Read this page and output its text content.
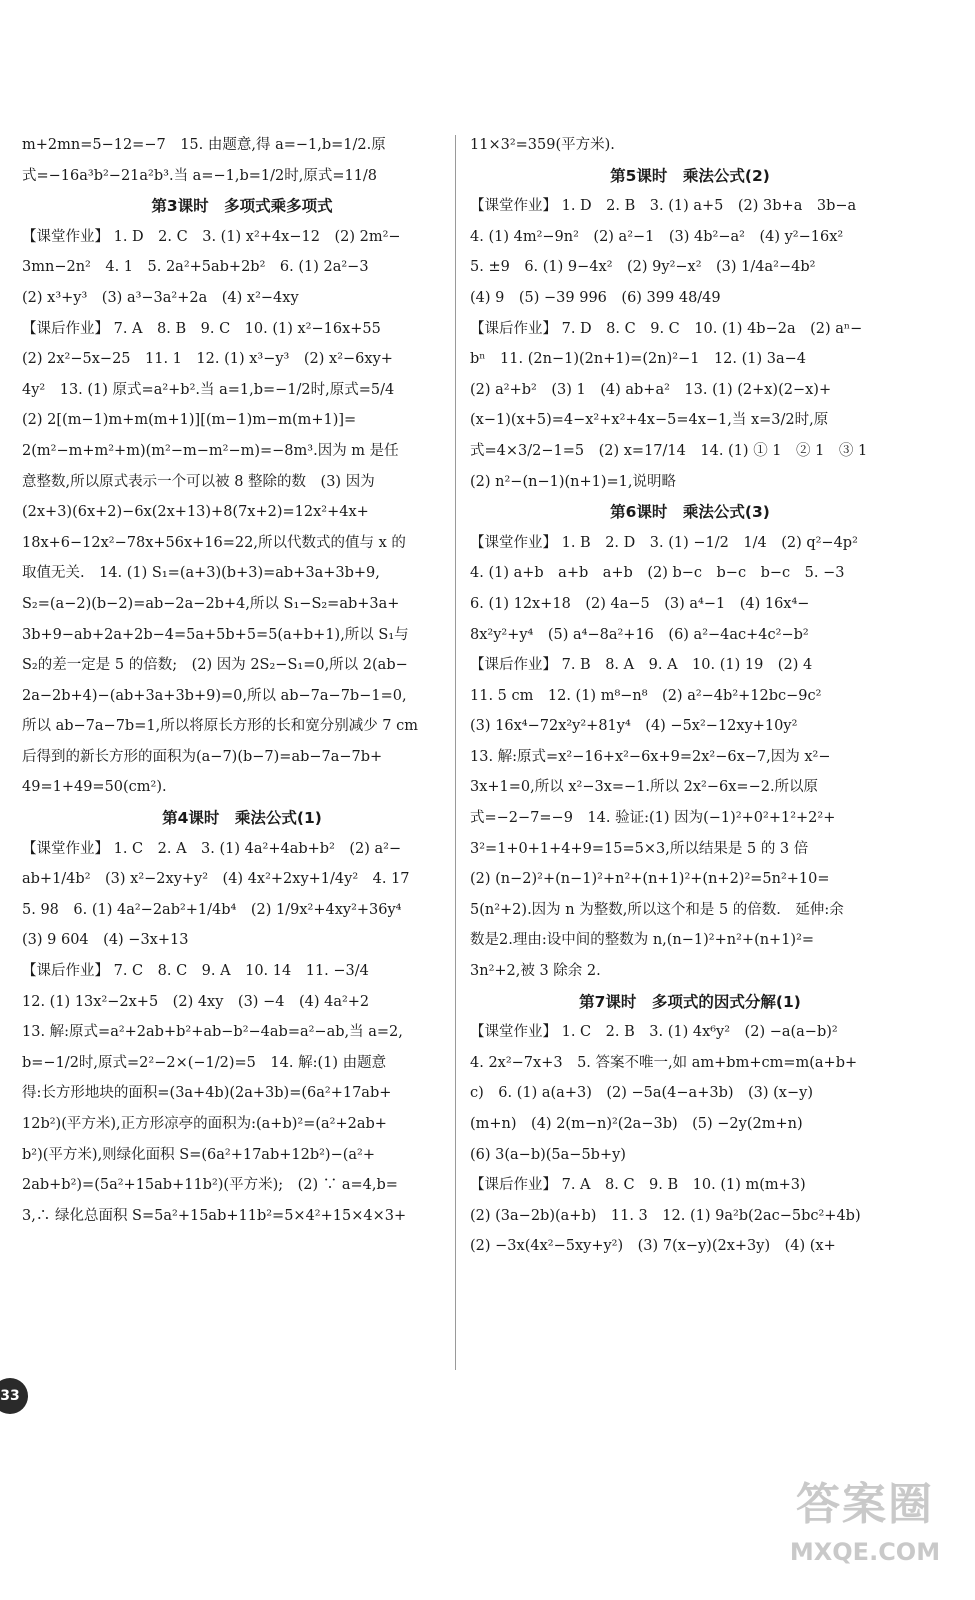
m+2mn=5−12=−7　15. 由题意,得 a=−1,b=1/2.原
式=−16a³b²−21a²b³.当 a=−1,b=1/2时,原式=11/8
第3课时　多项式乘多项式
【课堂作业】 1. D　2. C　3. (1) x²+4x−12　(2) 2m²−
3mn−2n²　4. 1　5. 2a²+5ab+2b²　6. (1) 2a²−3
(2) x³+y³　(3) a³−3a²+2a　(4) x²−4xy
【课后作业】 7. A　8. B　9. C　10. (1) x²−16x+55
(2) 2x²−5x−25　11. 1　12. (1) x³−y³　(2) x²−6xy+
4y²　13. (1) 原式=a²+b².当 a=1,b=−1/2时,原式=5/4
(2) 2[(m−1)m+m(m+1)][(m−1)m−m(m+1)]=
2(m²−m+m²+m)(m²−m−m²−m)=−8m³.因为 m 是任
意整数,所以原式表示一个可以被 8 整除的数　(3) 因为
(2x+3)(6x+2)−6x(2x+13)+8(7x+2)=12x²+4x+
18x+6−12x²−78x+56x+16=22,所以代数式的值与 x 的
取值无关.　14. (1) S₁=(a+3)(b+3)=ab+3a+3b+9,
S₂=(a−2)(b−2)=ab−2a−2b+4,所以 S₁−S₂=ab+3a+
3b+9−ab+2a+2b−4=5a+5b+5=5(a+b+1),所以 S₁与
S₂的差一定是 5 的倍数;　(2) 因为 2S₂−S₁=0,所以 2(ab−
2a−2b+4)−(ab+3a+3b+9)=0,所以 ab−7a−7b−1=0,
所以 ab−7a−7b=1,所以将原长方形的长和宽分别减少 7 cm
后得到的新长方形的面积为(a−7)(b−7)=ab−7a−7b+
49=1+49=50(cm²).
第4课时　乘法公式(1)
【课堂作业】 1. C　2. A　3. (1) 4a²+4ab+b²　(2) a²−
ab+1/4b²　(3) x²−2xy+y²　(4) 4x²+2xy+1/4y²　4. 17
5. 98　6. (1) 4a²−2ab²+1/4b⁴　(2) 1/9x²+4xy²+36y⁴
(3) 9 604　(4) −3x+13
【课后作业】 7. C　8. C　9. A　10. 14　11. −3/4
12. (1) 13x²−2x+5　(2) 4xy　(3) −4　(4) 4a²+2
13. 解:原式=a²+2ab+b²+ab−b²−4ab=a²−ab,当 a=2,
b=−1/2时,原式=2²−2×(−1/2)=5　14. 解:(1) 由题意
得:长方形地块的面积=(3a+4b)(2a+3b)=(6a²+17ab+
12b²)(平方米),正方形凉亭的面积为:(a+b)²=(a²+2ab+
b²)(平方米),则绿化面积 S=(6a²+17ab+12b²)−(a²+
2ab+b²)=(5a²+15ab+11b²)(平方米);　(2) ∵ a=4,b=
3,∴ 绿化总面积 S=5a²+15ab+11b²=5×4²+15×4×3+
11×3²=359(平方米).
第5课时　乘法公式(2)
【课堂作业】 1. D　2. B　3. (1) a+5　(2) 3b+a　3b−a
4. (1) 4m²−9n²　(2) a²−1　(3) 4b²−a²　(4) y²−16x²
5. ±9　6. (1) 9−4x²　(2) 9y²−x²　(3) 1/4a²−4b²
(4) 9　(5) −39 996　(6) 399 48/49
【课后作业】 7. D　8. C　9. C　10. (1) 4b−2a　(2) aⁿ−
bⁿ　11. (2n−1)(2n+1)=(2n)²−1　12. (1) 3a−4
(2) a²+b²　(3) 1　(4) ab+a²　13. (1) (2+x)(2−x)+
(x−1)(x+5)=4−x²+x²+4x−5=4x−1,当 x=3/2时,原
式=4×3/2−1=5　(2) x=17/14　14. (1) ① 1　② 1　③ 1
(2) n²−(n−1)(n+1)=1,说明略
第6课时　乘法公式(3)
【课堂作业】 1. B　2. D　3. (1) −1/2　1/4　(2) q²−4p²
4. (1) a+b　a+b　a+b　(2) b−c　b−c　b−c　5. −3
6. (1) 12x+18　(2) 4a−5　(3) a⁴−1　(4) 16x⁴−
8x²y²+y⁴　(5) a⁴−8a²+16　(6) a²−4ac+4c²−b²
【课后作业】 7. B　8. A　9. A　10. (1) 19　(2) 4
11. 5 cm　12. (1) m⁸−n⁸　(2) a²−4b²+12bc−9c²
(3) 16x⁴−72x²y²+81y⁴　(4) −5x²−12xy+10y²
13. 解:原式=x²−16+x²−6x+9=2x²−6x−7,因为 x²−
3x+1=0,所以 x²−3x=−1.所以 2x²−6x=−2.所以原
式=−2−7=−9　14. 验证:(1) 因为(−1)²+0²+1²+2²+
3²=1+0+1+4+9=15=5×3,所以结果是 5 的 3 倍
(2) (n−2)²+(n−1)²+n²+(n+1)²+(n+2)²=5n²+10=
5(n²+2).因为 n 为整数,所以这个和是 5 的倍数.　延伸:余
数是2.理由:设中间的整数为 n,(n−1)²+n²+(n+1)²=
3n²+2,被 3 除余 2.
第7课时　多项式的因式分解(1)
【课堂作业】 1. C　2. B　3. (1) 4x⁶y²　(2) −a(a−b)²
4. 2x²−7x+3　5. 答案不唯一,如 am+bm+cm=m(a+b+
c)　6. (1) a(a+3)　(2) −5a(4−a+3b)　(3) (x−y)
(m+n)　(4) 2(m−n)²(2a−3b)　(5) −2y(2m+n)
(6) 3(a−b)(5a−5b+y)
【课后作业】 7. A　8. C　9. B　10. (1) m(m+3)
(2) (3a−2b)(a+b)　11. 3　12. (1) 9a²b(2ac−5bc²+4b)
(2) −3x(4x²−5xy+y²)　(3) 7(x−y)(2x+3y)　(4) (x+
33
答案圈
MXQE.COM
